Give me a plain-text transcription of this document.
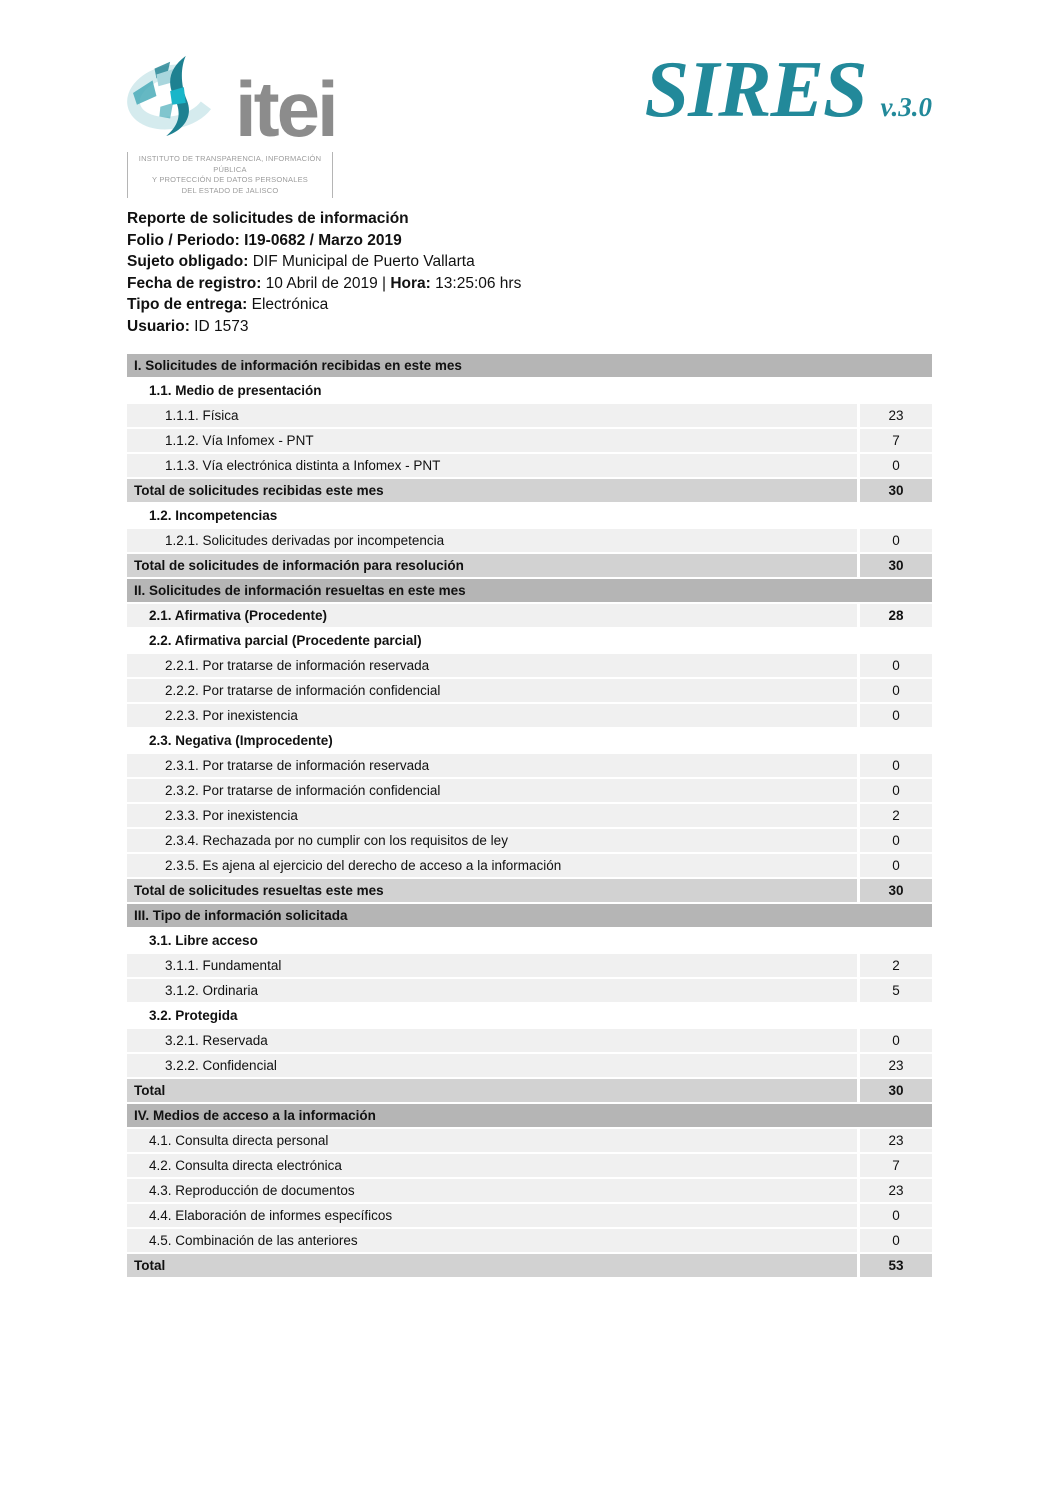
itei
INSTITUTO DE TRANSPARENCIA, INFORMACIÓN PÚBLICA
Y PROTECCIÓN DE DATOS PERSONALES
DEL ESTADO DE JALISCO
SIRES v.3.0
Reporte de solicitudes de información
Folio / Periodo: I19-0682 / Marzo 2019
Sujeto obligado: DIF Municipal de Puerto Vallarta
Fecha de registro: 10 Abril de 2019 | Hora: 13:25:06 hrs
Tipo de entrega: Electrónica
Usuario: ID 1573
I. Solicitudes de información recibidas en este mes
1.1. Medio de presentación
1.1.1. Física	23
1.1.2. Vía Infomex - PNT	7
1.1.3. Vía electrónica distinta a Infomex - PNT	0
Total de solicitudes recibidas este mes	30
1.2. Incompetencias
1.2.1. Solicitudes derivadas por incompetencia	0
Total de solicitudes de información para resolución	30
II. Solicitudes de información resueltas en este mes
2.1. Afirmativa (Procedente)	28
2.2. Afirmativa parcial (Procedente parcial)
2.2.1. Por tratarse de información reservada	0
2.2.2. Por tratarse de información confidencial	0
2.2.3. Por inexistencia	0
2.3. Negativa (Improcedente)
2.3.1. Por tratarse de información reservada	0
2.3.2. Por tratarse de información confidencial	0
2.3.3. Por inexistencia	2
2.3.4. Rechazada por no cumplir con los requisitos de ley	0
2.3.5. Es ajena al ejercicio del derecho de acceso a la información	0
Total de solicitudes resueltas este mes	30
III. Tipo de información solicitada
3.1. Libre acceso
3.1.1. Fundamental	2
3.1.2. Ordinaria	5
3.2. Protegida
3.2.1. Reservada	0
3.2.2. Confidencial	23
Total	30
IV. Medios de acceso a la información
4.1. Consulta directa personal	23
4.2. Consulta directa electrónica	7
4.3. Reproducción de documentos	23
4.4. Elaboración de informes específicos	0
4.5. Combinación de las anteriores	0
Total	53
